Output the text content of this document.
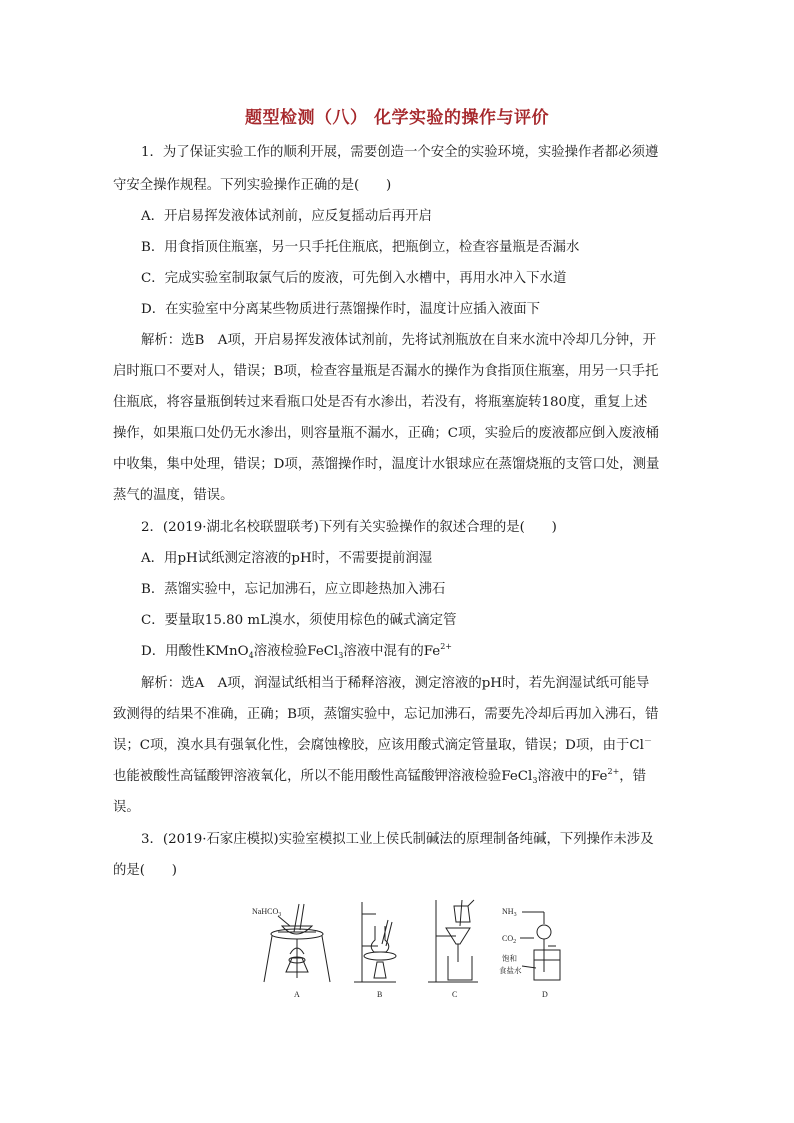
题型检测（八） 化学实验的操作与评价
1．为了保证实验工作的顺利开展，需要创造一个安全的实验环境，实验操作者都必须遵
守安全操作规程。下列实验操作正确的是(　　)
A．开启易挥发液体试剂前，应反复摇动后再开启
B．用食指顶住瓶塞，另一只手托住瓶底，把瓶倒立，检查容量瓶是否漏水
C．完成实验室制取氯气后的废液，可先倒入水槽中，再用水冲入下水道
D．在实验室中分离某些物质进行蒸馏操作时，温度计应插入液面下
解析：选B　A项，开启易挥发液体试剂前，先将试剂瓶放在自来水流中冷却几分钟，开
启时瓶口不要对人，错误；B项，检查容量瓶是否漏水的操作为食指顶住瓶塞，用另一只手托
住瓶底，将容量瓶倒转过来看瓶口处是否有水渗出，若没有，将瓶塞旋转180度，重复上述
操作，如果瓶口处仍无水渗出，则容量瓶不漏水，正确；C项，实验后的废液都应倒入废液桶
中收集，集中处理，错误；D项，蒸馏操作时，温度计水银球应在蒸馏烧瓶的支管口处，测量
蒸气的温度，错误。
2．(2019·湖北名校联盟联考)下列有关实验操作的叙述合理的是(　　)
A．用pH试纸测定溶液的pH时，不需要提前润湿
B．蒸馏实验中，忘记加沸石，应立即趁热加入沸石
C．要量取15.80 mL溴水，须使用棕色的碱式滴定管
D．用酸性KMnO$_4$溶液检验FeCl$_3$溶液中混有的$Fe^{2+}$
解析：选A　A项，润湿试纸相当于稀释溶液，测定溶液的pH时，若先润湿试纸可能导
致测得的结果不准确，正确；B项，蒸馏实验中，忘记加沸石，需要先冷却后再加入沸石，错
误；C项，溴水具有强氧化性，会腐蚀橡胶，应该用酸式滴定管量取，错误；D项，由于Cl－
也能被酸性高锰酸钾溶液氧化，所以不能用酸性高锰酸钾溶液检验FeCl$_3$溶液中的$Fe^{2+}$，错
误。
3．(2019·石家庄模拟)实验室模拟工业上侯氏制碱法的原理制备纯碱，下列操作未涉及
的是(　　)
NaHCO$_3$
A	B	C
$NH_3$
$CO_2$
饱和
食盐水
D
